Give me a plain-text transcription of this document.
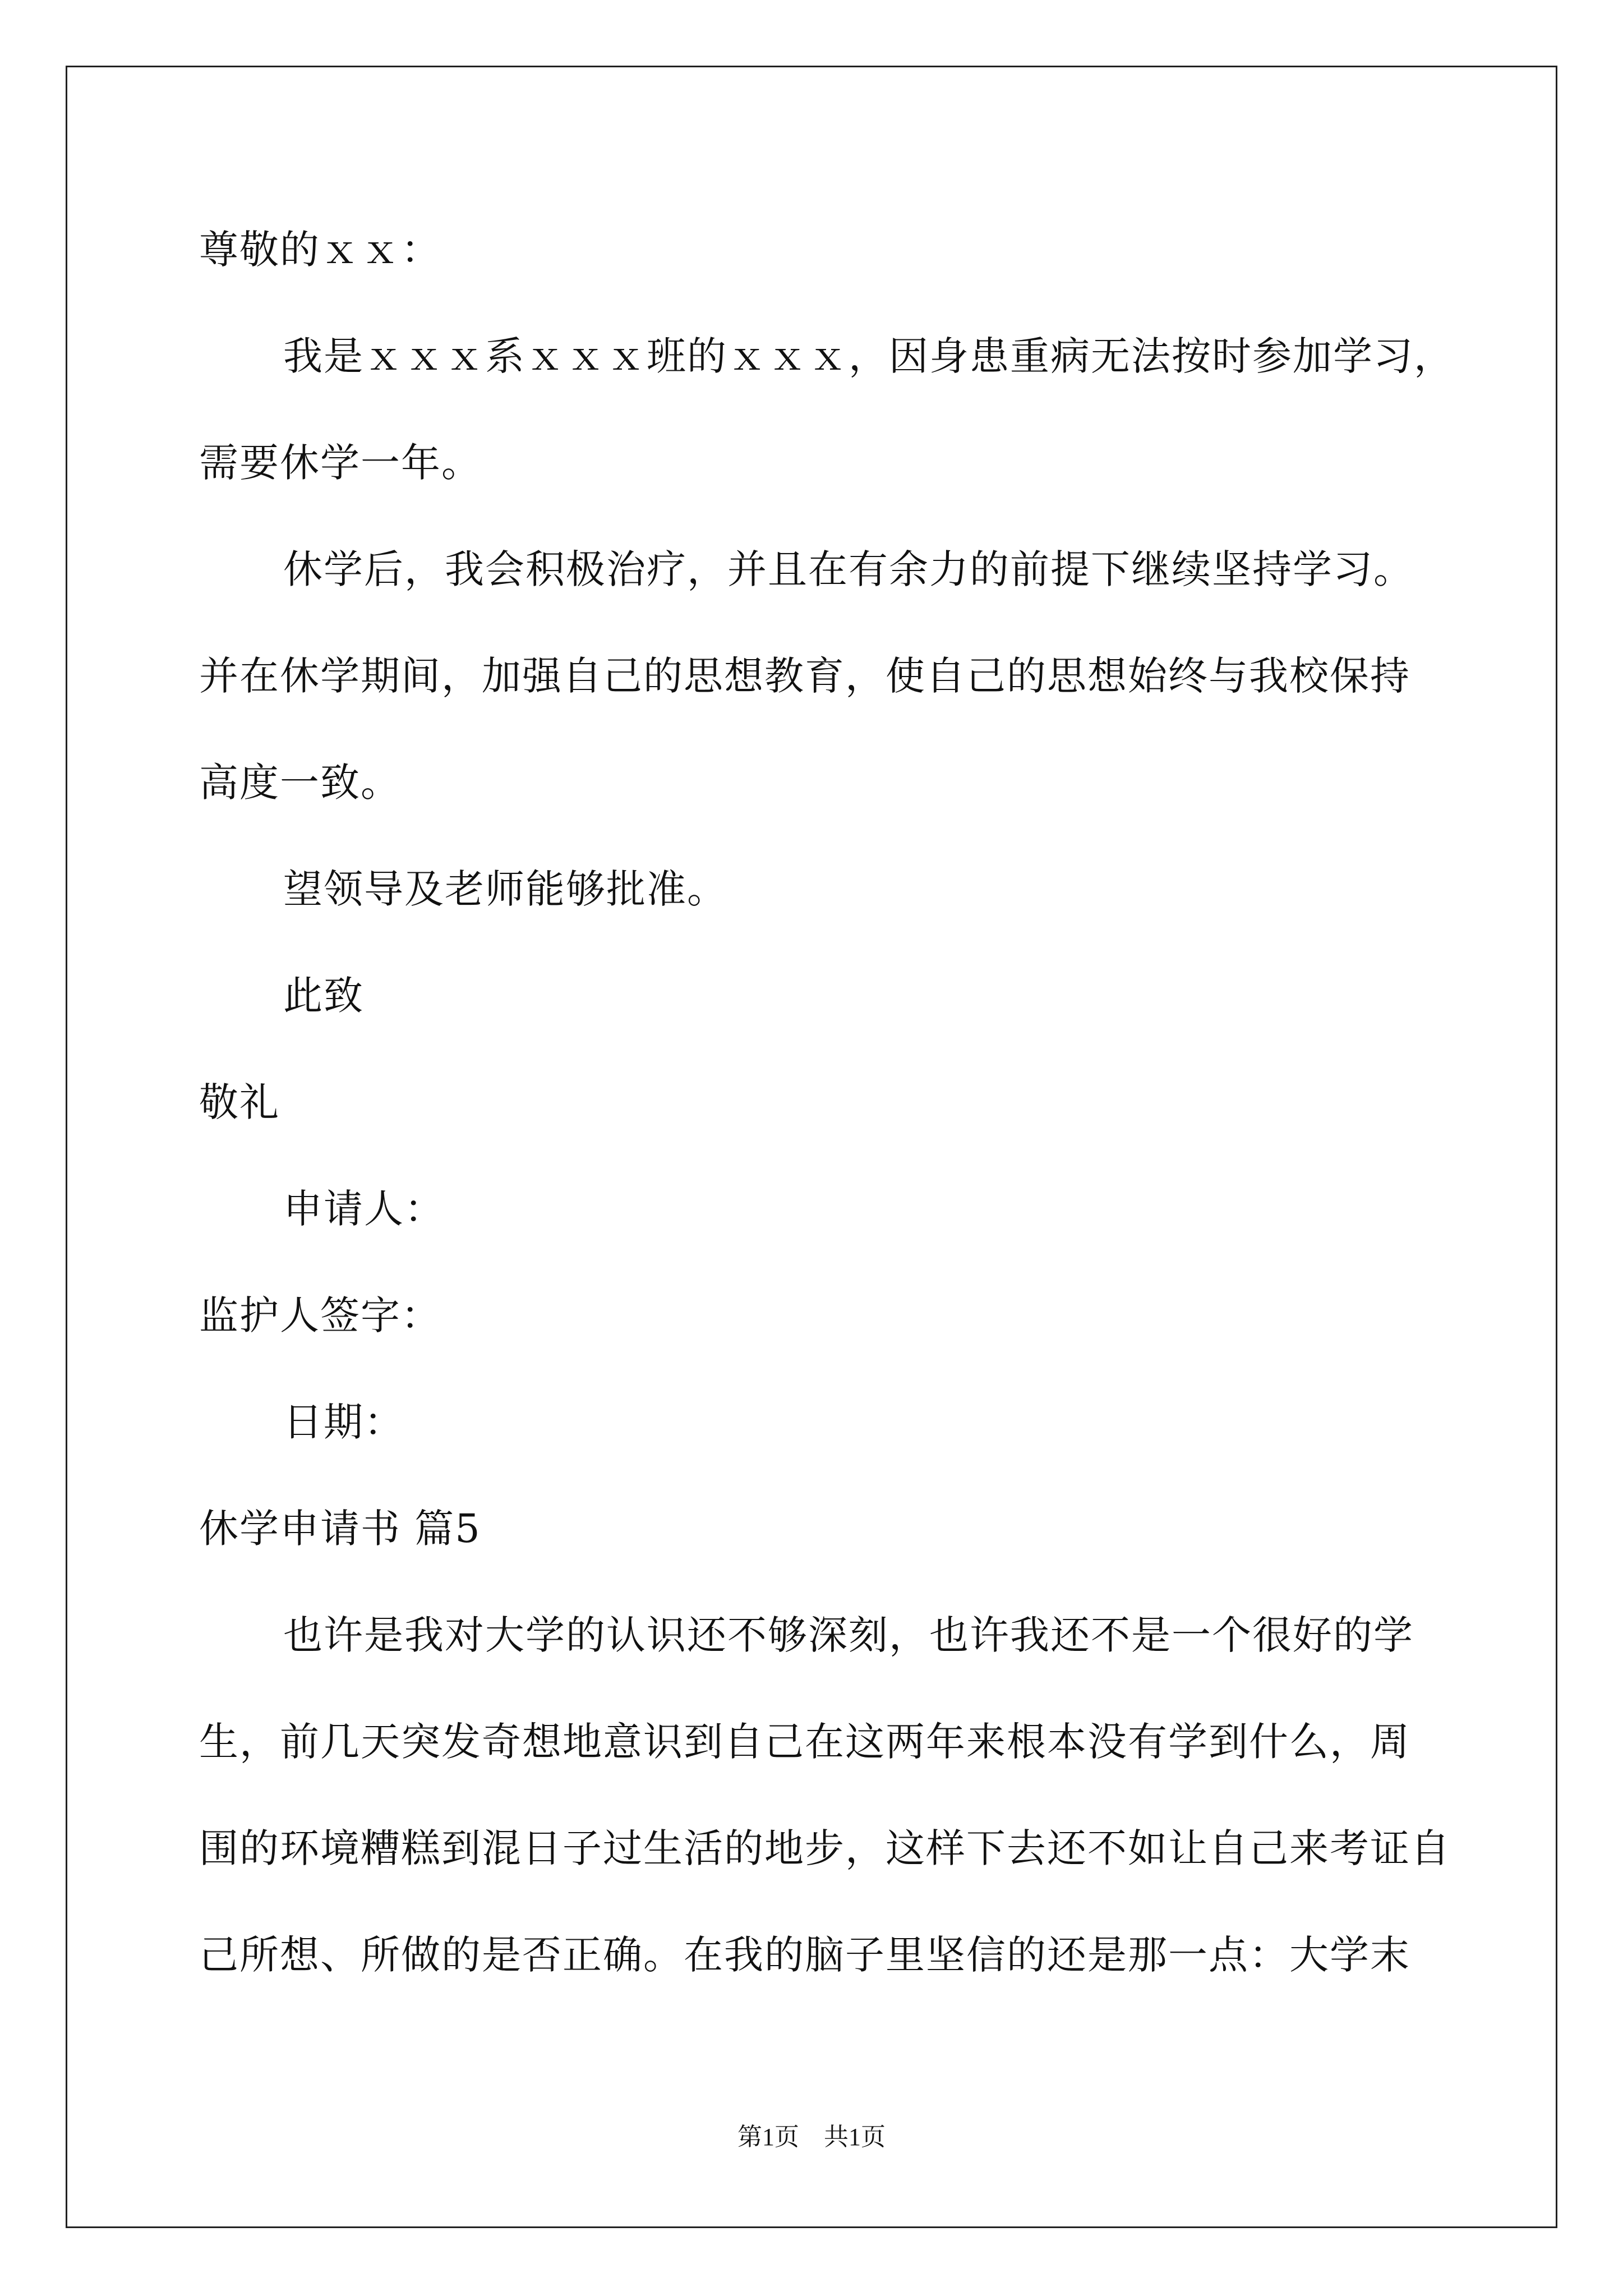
尊敬的ｘｘ：
我是ｘｘｘ系ｘｘｘ班的ｘｘｘ，因身患重病无法按时参加学习，
需要休学一年。
休学后，我会积极治疗，并且在有余力的前提下继续坚持学习。
并在休学期间，加强自己的思想教育，使自己的思想始终与我校保持
高度一致。
望领导及老师能够批准。
此致
敬礼
申请人：
监护人签字：
日期：
休学申请书 篇5
也许是我对大学的认识还不够深刻，也许我还不是一个很好的学
生，前几天突发奇想地意识到自己在这两年来根本没有学到什么，周
围的环境糟糕到混日子过生活的地步，这样下去还不如让自己来考证自
己所想、所做的是否正确。在我的脑子里坚信的还是那一点：大学末
第1页　共1页
